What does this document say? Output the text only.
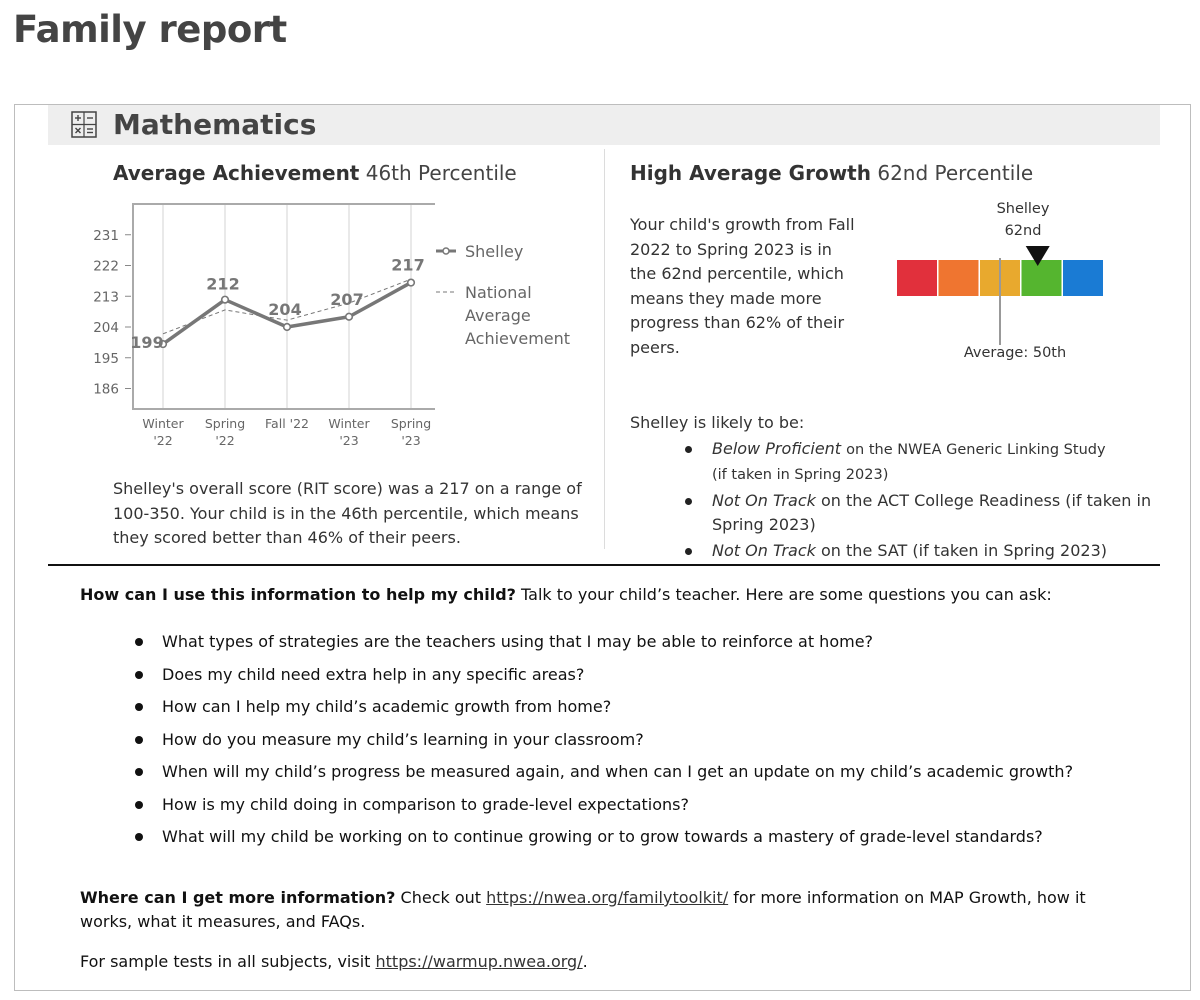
Family report
Mathematics
Average Achievement 46th Percentile
231
222
213
204
195
186
Winter
'22
Spring
'22
Fall '22 Winter
'23
Spring
'23
199
212
204
207
217
Shelley
National Average Achievement
Shelley's overall score (RIT score) was a 217 on a range of 100-350. Your child is in the 46th percentile, which means they scored better than 46% of their peers.
High Average Growth 62nd Percentile
Your child's growth from Fall 2022 to Spring 2023 is in the 62nd percentile, which means they made more progress than 62% of their peers.
Shelley
62nd
Average: 50th
Shelley is likely to be:
Below Proficient on the NWEA Generic Linking Study
(if taken in Spring 2023)
Not On Track on the ACT College Readiness (if taken in Spring 2023)
Not On Track on the SAT (if taken in Spring 2023)
How can I use this information to help my child? Talk to your child’s teacher. Here are some questions you can ask:
What types of strategies are the teachers using that I may be able to reinforce at home?
Does my child need extra help in any specific areas?
How can I help my child’s academic growth from home?
How do you measure my child’s learning in your classroom?
When will my child’s progress be measured again, and when can I get an update on my child’s academic growth?
How is my child doing in comparison to grade-level expectations?
What will my child be working on to continue growing or to grow towards a mastery of grade-level standards?
Where can I get more information? Check out https://nwea.org/familytoolkit/ for more information on MAP Growth, how it works, what it measures, and FAQs.
For sample tests in all subjects, visit https://warmup.nwea.org/.
